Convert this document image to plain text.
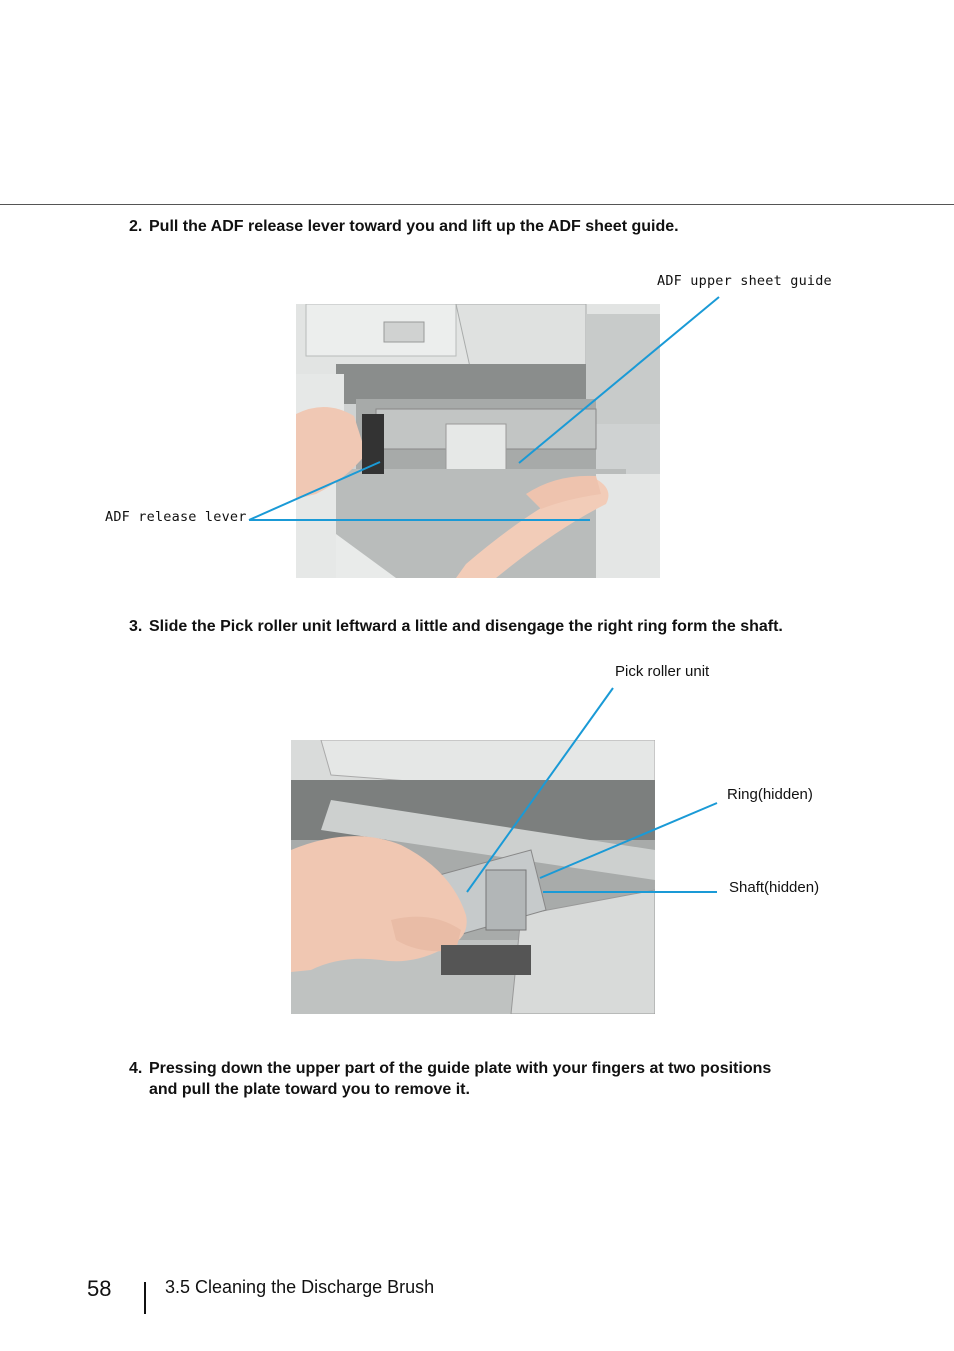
2. Pull the ADF release lever toward you and lift up the ADF sheet guide.

ADF upper sheet guide
ADF release lever

3. Slide the Pick roller unit leftward a little and disengage the right ring form the shaft.

Pick roller unit
Ring(hidden)
Shaft(hidden)

4. Pressing down the upper part of the guide plate with your fingers at two positions
and pull the plate toward you to remove it.

58	3.5 Cleaning the Discharge Brush
